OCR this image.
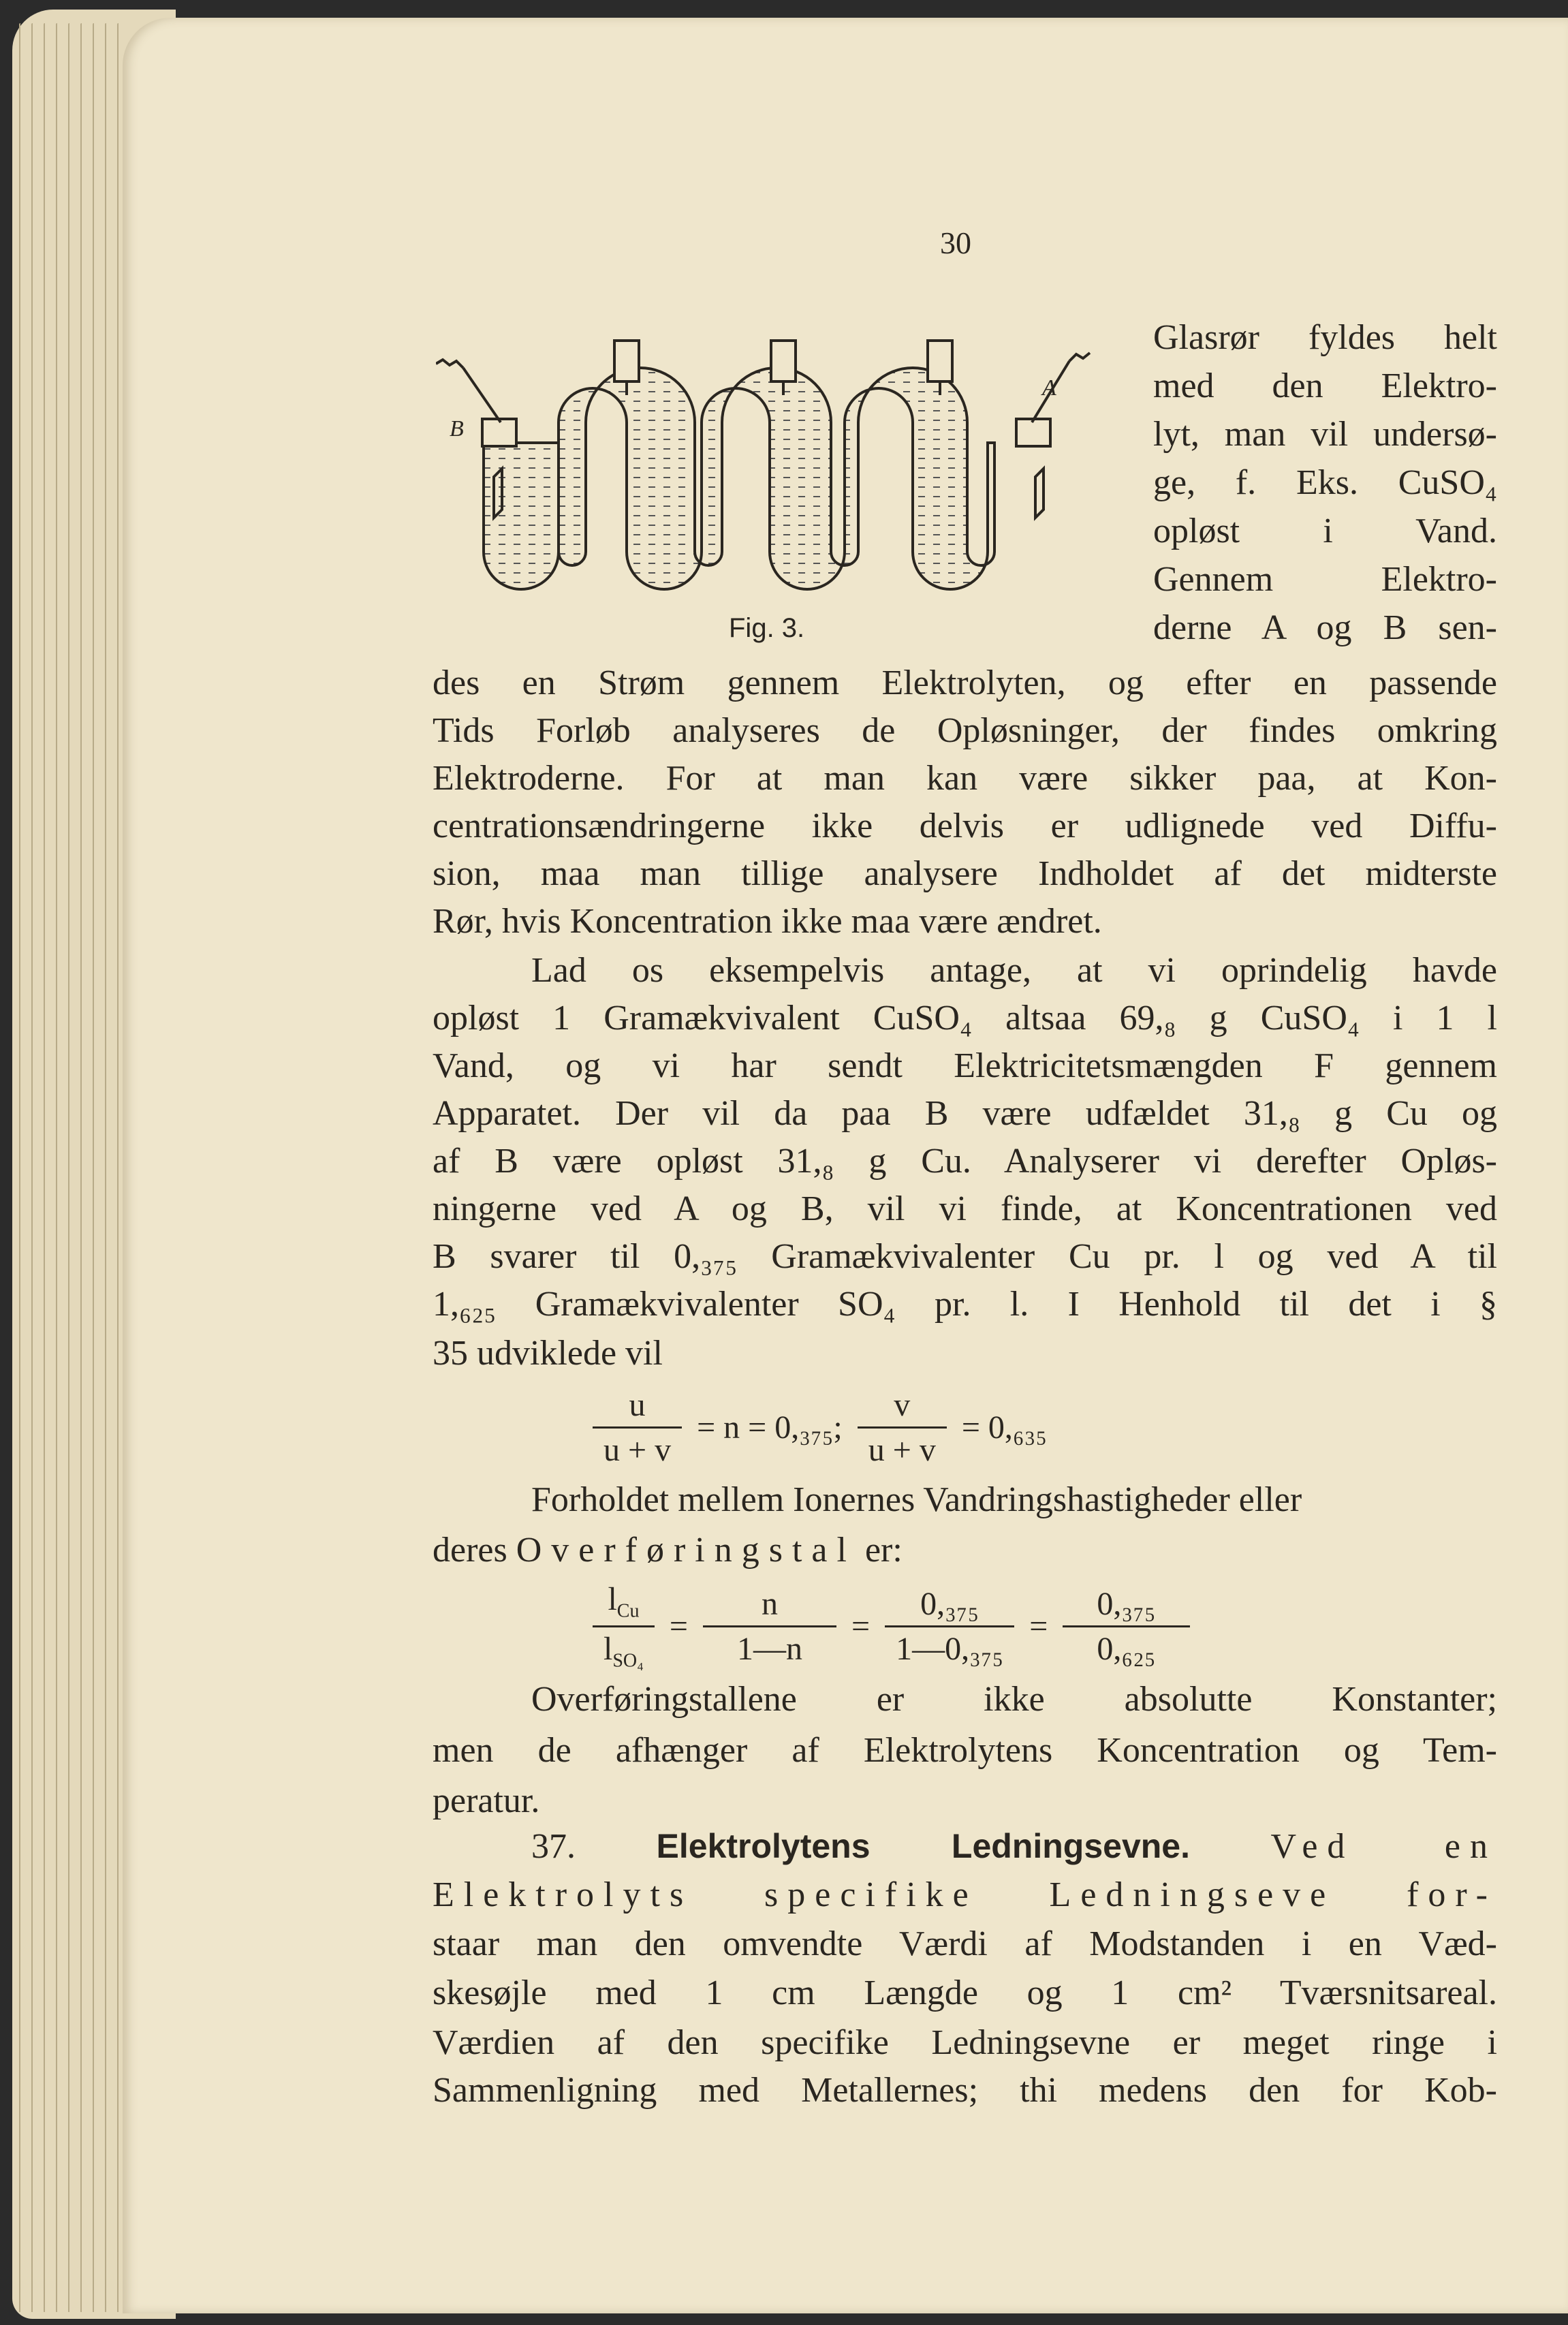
30
B
A
Fig. 3.
Glasrør fyldes helt
med den Elektro-
lyt, man vil undersø-
ge, f. Eks. CuSO₄
opløst i Vand.
Gennem Elektro-
derne A og B sen-
des en Strøm gennem Elektrolyten, og efter en passende
Tids Forløb analyseres de Opløsninger, der findes omkring
Elektroderne. For at man kan være sikker paa, at Kon-
centrationsændringerne ikke delvis er udlignede ved Diffu-
sion, maa man tillige analysere Indholdet af det midterste
Rør, hvis Koncentration ikke maa være ændret.
Lad os eksempelvis antage, at vi oprindelig havde
opløst 1 Gramækvivalent CuSO₄ altsaa 69,₈ g CuSO₄ i 1 l
Vand, og vi har sendt Elektricitetsmængden F gennem
Apparatet. Der vil da paa B være udfældet 31,₈ g Cu og
af B være opløst 31,₈ g Cu. Analyserer vi derefter Opløs-
ningerne ved A og B, vil vi finde, at Koncentrationen ved
B svarer til 0,₃₇₅ Gramækvivalenter Cu pr. l og ved A til
1,₆₂₅ Gramækvivalenter SO₄ pr. l. I Henhold til det i §
35 udviklede vil
$\frac{u}{u + v} = n = 0,_{375}$; $\frac{v}{u + v} = 0,_{635}$
Forholdet mellem Ionernes Vandringshastigheder eller
deres Overføringstal er:
$\frac{l_{Cu}}{l_{SO_4}} = \frac{n}{1—n} = \frac{\text{0,₃₇₅}}{\text{1—0,₃₇₅}} = \frac{\text{0,₃₇₅}}{\text{0,₆₂₅}}$
Overføringstallene er ikke absolutte Konstanter;
men de afhænger af Elektrolytens Koncentration og Tem-
peratur.
37. Elektrolytens Ledningsevne. Ved en
Elektrolyts specifike Ledningseve for-
staar man den omvendte Værdi af Modstanden i en Væd-
skesøjle med 1 cm Længde og 1 cm² Tværsnitsareal.
Værdien af den specifike Ledningsevne er meget ringe i
Sammenligning med Metallernes; thi medens den for Kob-
